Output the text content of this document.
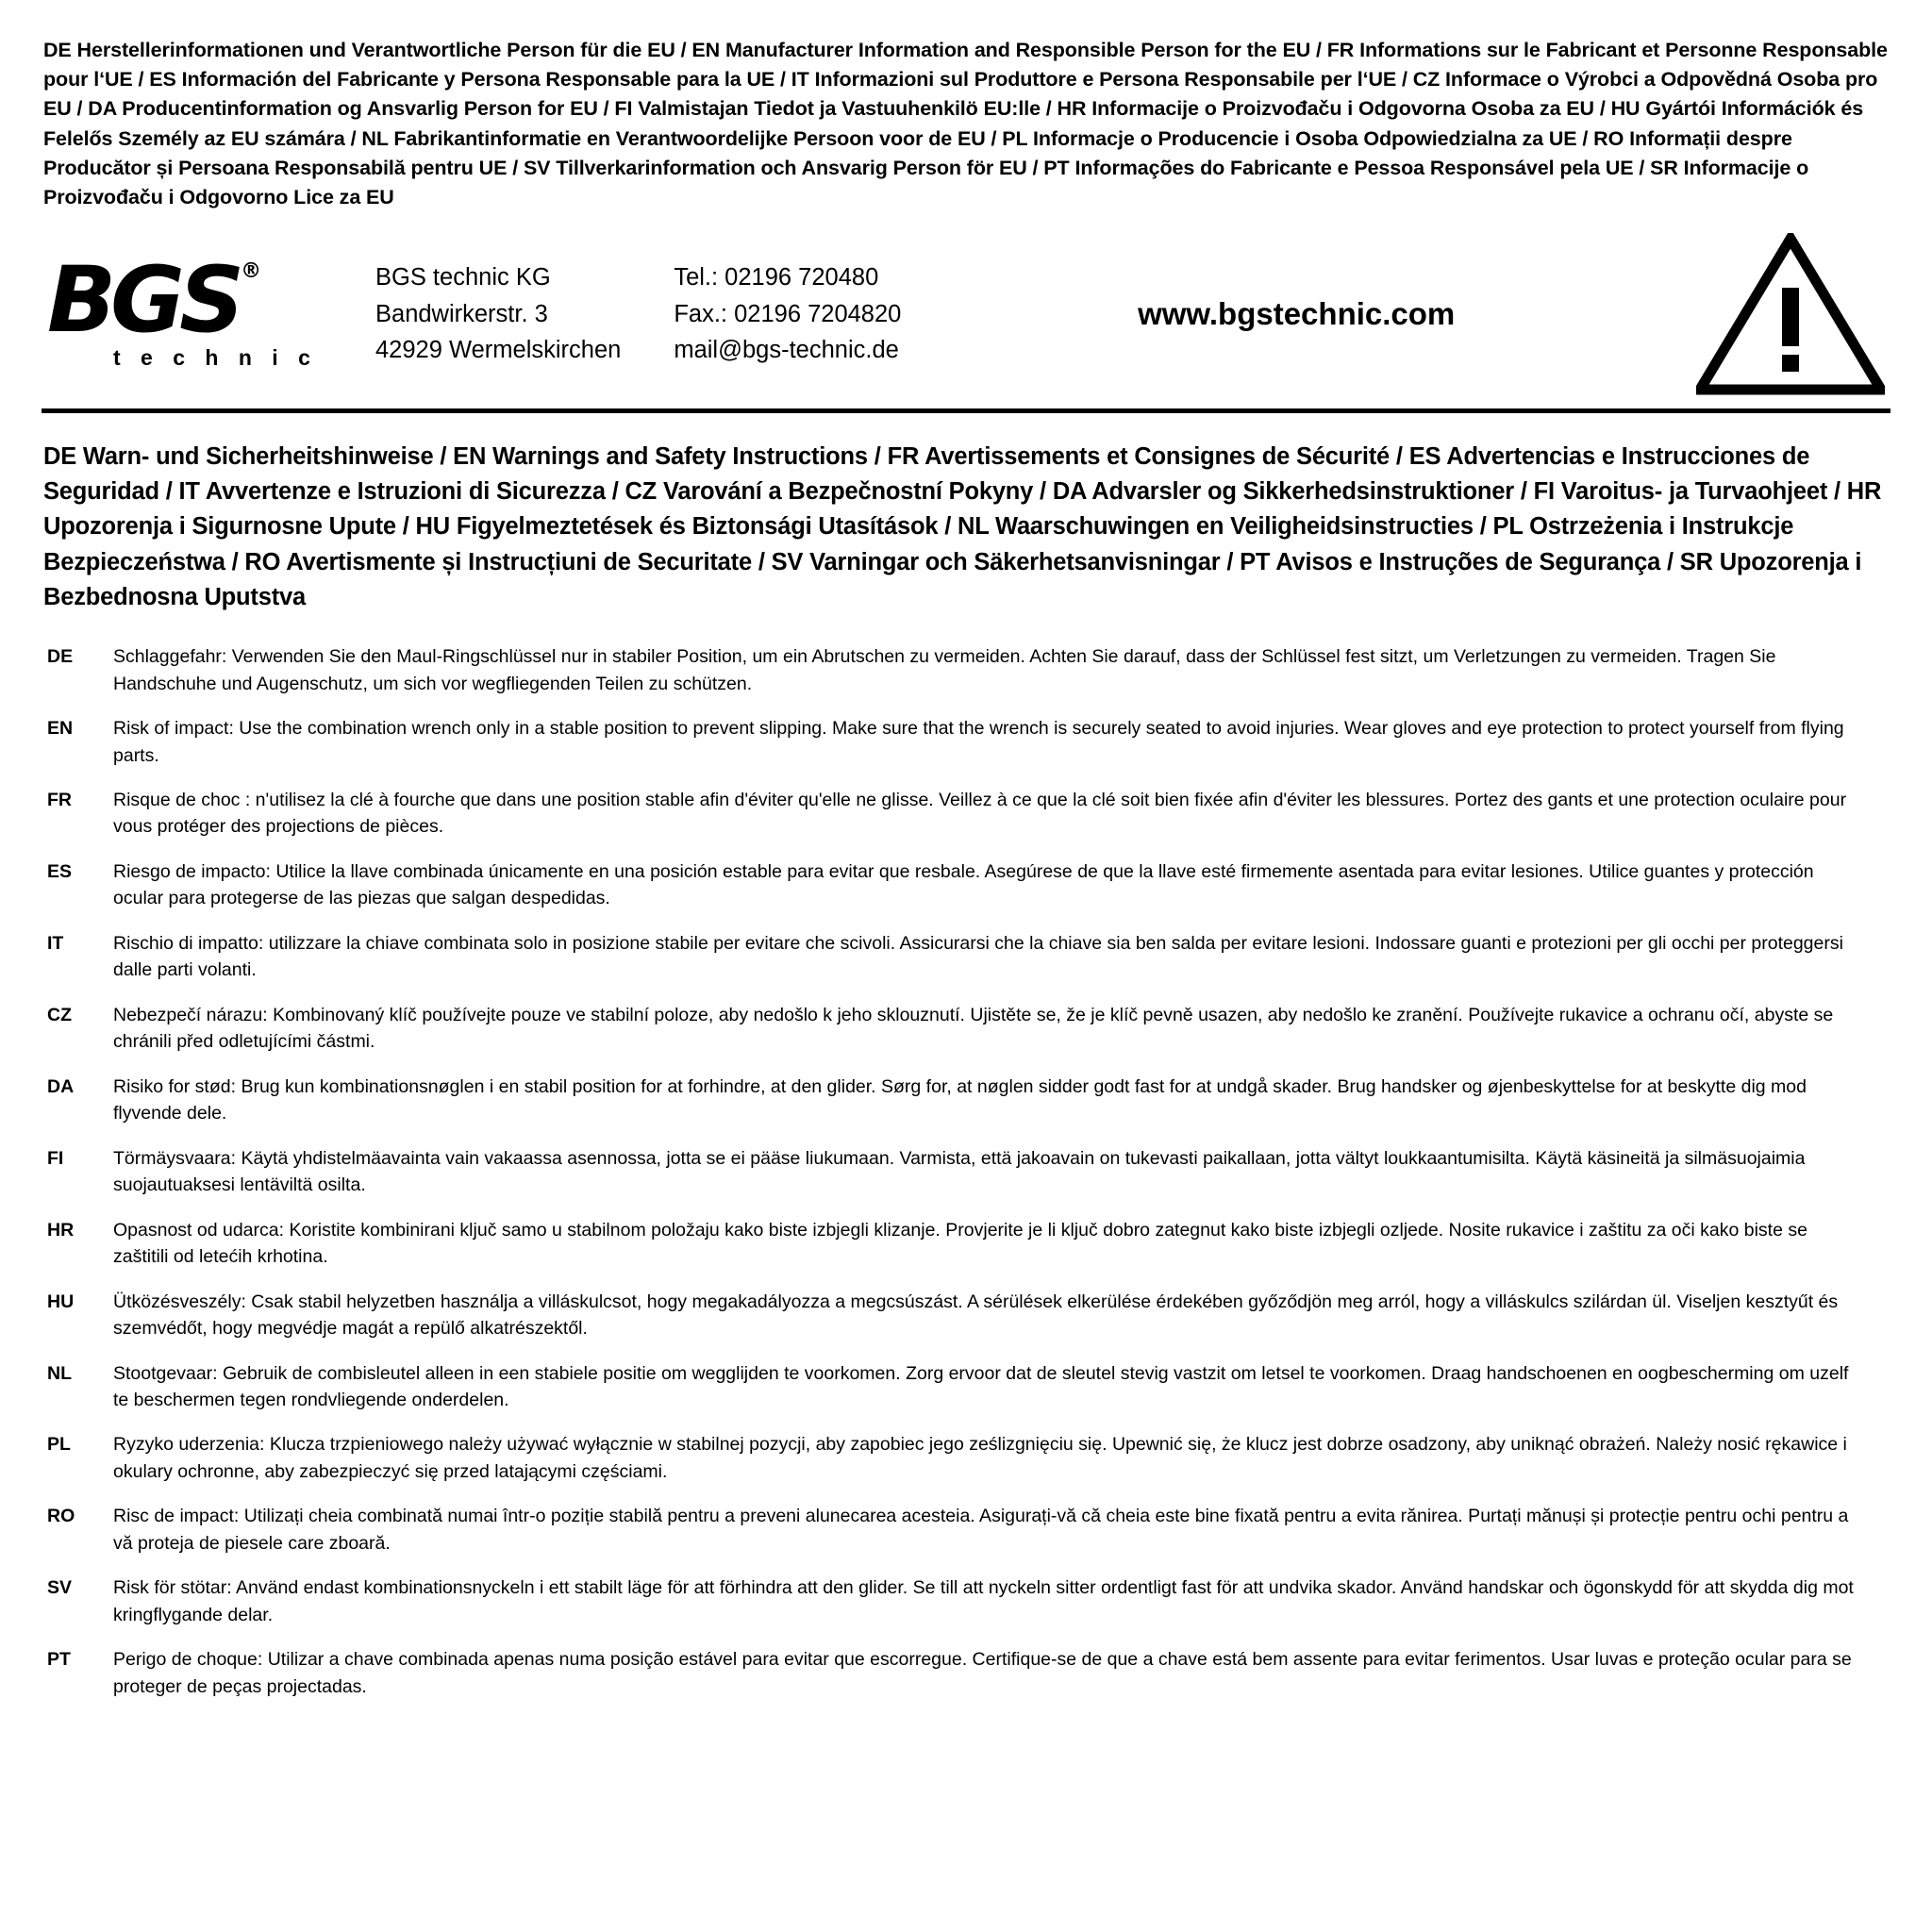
DE Herstellerinformationen und Verantwortliche Person für die EU / EN Manufacturer Information and Responsible Person for the EU / FR Informations sur le Fabricant et Personne Responsable pour l‘UE / ES Información del Fabricante y Persona Responsable para la UE / IT Informazioni sul Produttore e Persona Responsabile per l‘UE / CZ Informace o Výrobci a Odpovědná Osoba pro EU / DA Producentinformation og Ansvarlig Person for EU / FI Valmistajan Tiedot ja Vastuuhenkilö EU:lle / HR Informacije o Proizvođaču i Odgovorna Osoba za EU / HU Gyártói Információk és Felelős Személy az EU számára / NL Fabrikantinformatie en Verantwoordelijke Persoon voor de EU / PL Informacje o Producencie i Osoba Odpowiedzialna za UE / RO Informații despre Producător și Persoana Responsabilă pentru UE / SV Tillverkarinformation och Ansvarig Person för EU / PT Informações do Fabricante e Pessoa Responsável pela UE / SR Informacije o Proizvođaču i Odgovorno Lice za EU
BGS ®
t e c h n i c
BGS technic KG
Bandwirkerstr. 3
42929 Wermelskirchen
Tel.: 02196 720480
Fax.: 02196 7204820
mail@bgs-technic.de
www.bgstechnic.com
DE Warn- und Sicherheitshinweise / EN Warnings and Safety Instructions / FR Avertissements et Consignes de Sécurité / ES Advertencias e Instrucciones de Seguridad / IT Avvertenze e Istruzioni di Sicurezza / CZ Varování a Bezpečnostní Pokyny / DA Advarsler og Sikkerhedsinstruktioner / FI Varoitus- ja Turvaohjeet / HR Upozorenja i Sigurnosne Upute / HU Figyelmeztetések és Biztonsági Utasítások / NL Waarschuwingen en Veiligheidsinstructies / PL Ostrzeżenia i Instrukcje Bezpieczeństwa / RO Avertismente și Instrucțiuni de Securitate / SV Varningar och Säkerhetsanvisningar / PT Avisos e Instruções de Segurança / SR Upozorenja i Bezbednosna Uputstva
DE	Schlaggefahr: Verwenden Sie den Maul-Ringschlüssel nur in stabiler Position, um ein Abrutschen zu vermeiden. Achten Sie darauf, dass der Schlüssel fest sitzt, um Verletzungen zu vermeiden. Tragen Sie Handschuhe und Augenschutz, um sich vor wegfliegenden Teilen zu schützen.
EN	Risk of impact: Use the combination wrench only in a stable position to prevent slipping. Make sure that the wrench is securely seated to avoid injuries. Wear gloves and eye protection to protect yourself from flying parts.
FR	Risque de choc : n'utilisez la clé à fourche que dans une position stable afin d'éviter qu'elle ne glisse. Veillez à ce que la clé soit bien fixée afin d'éviter les blessures. Portez des gants et une protection oculaire pour vous protéger des projections de pièces.
ES	Riesgo de impacto: Utilice la llave combinada únicamente en una posición estable para evitar que resbale. Asegúrese de que la llave esté firmemente asentada para evitar lesiones. Utilice guantes y protección ocular para protegerse de las piezas que salgan despedidas.
IT	Rischio di impatto: utilizzare la chiave combinata solo in posizione stabile per evitare che scivoli. Assicurarsi che la chiave sia ben salda per evitare lesioni. Indossare guanti e protezioni per gli occhi per proteggersi dalle parti volanti.
CZ	Nebezpečí nárazu: Kombinovaný klíč používejte pouze ve stabilní poloze, aby nedošlo k jeho sklouznutí. Ujistěte se, že je klíč pevně usazen, aby nedošlo ke zranění. Používejte rukavice a ochranu očí, abyste se chránili před odletujícími částmi.
DA	Risiko for stød: Brug kun kombinationsnøglen i en stabil position for at forhindre, at den glider. Sørg for, at nøglen sidder godt fast for at undgå skader. Brug handsker og øjenbeskyttelse for at beskytte dig mod flyvende dele.
FI	Törmäysvaara: Käytä yhdistelmäavainta vain vakaassa asennossa, jotta se ei pääse liukumaan. Varmista, että jakoavain on tukevasti paikallaan, jotta vältyt loukkaantumisilta. Käytä käsineitä ja silmäsuojaimia suojautuaksesi lentäviltä osilta.
HR	Opasnost od udarca: Koristite kombinirani ključ samo u stabilnom položaju kako biste izbjegli klizanje. Provjerite je li ključ dobro zategnut kako biste izbjegli ozljede. Nosite rukavice i zaštitu za oči kako biste se zaštitili od letećih krhotina.
HU	Ütközésveszély: Csak stabil helyzetben használja a villáskulcsot, hogy megakadályozza a megcsúszást. A sérülések elkerülése érdekében győződjön meg arról, hogy a villáskulcs szilárdan ül. Viseljen kesztyűt és szemvédőt, hogy megvédje magát a repülő alkatrészektől.
NL	Stootgevaar: Gebruik de combisleutel alleen in een stabiele positie om wegglijden te voorkomen. Zorg ervoor dat de sleutel stevig vastzit om letsel te voorkomen. Draag handschoenen en oogbescherming om uzelf te beschermen tegen rondvliegende onderdelen.
PL	Ryzyko uderzenia: Klucza trzpieniowego należy używać wyłącznie w stabilnej pozycji, aby zapobiec jego ześlizgnięciu się. Upewnić się, że klucz jest dobrze osadzony, aby uniknąć obrażeń. Należy nosić rękawice i okulary ochronne, aby zabezpieczyć się przed latającymi częściami.
RO	Risc de impact: Utilizați cheia combinată numai într-o poziție stabilă pentru a preveni alunecarea acesteia. Asigurați-vă că cheia este bine fixată pentru a evita rănirea. Purtați mănuși și protecție pentru ochi pentru a vă proteja de piesele care zboară.
SV	Risk för stötar: Använd endast kombinationsnyckeln i ett stabilt läge för att förhindra att den glider. Se till att nyckeln sitter ordentligt fast för att undvika skador. Använd handskar och ögonskydd för att skydda dig mot kringflygande delar.
PT	Perigo de choque: Utilizar a chave combinada apenas numa posição estável para evitar que escorregue. Certifique-se de que a chave está bem assente para evitar ferimentos. Usar luvas e proteção ocular para se proteger de peças projectadas.
